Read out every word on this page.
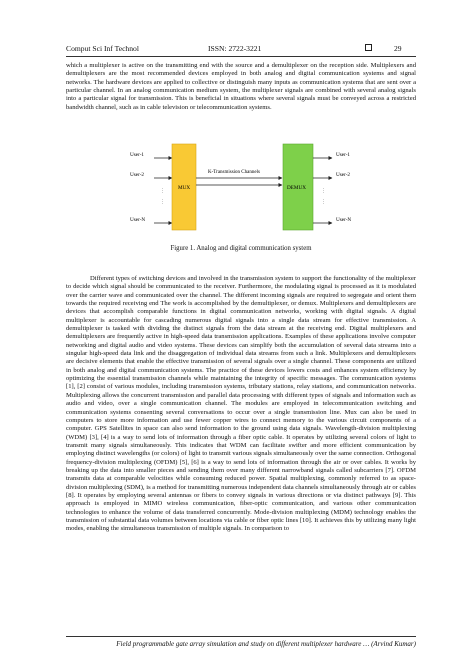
Comput Sci Inf Technol	ISSN: 2722-3221	29

which a multiplexer is active on the transmitting end with the source and a demultiplexer on the reception side. Multiplexers and demultiplexers are the most recommended devices employed in both analog and digital communication systems and signal networks. The hardware devices are applied to collective or distinguish many inputs as communication systems that are sent over a particular channel. In an analog communication medium system, the multiplexer signals are combined with several analog signals into a particular signal for transmission. This is beneficial in situations where several signals must be conveyed across a restricted bandwidth channel, such as in cable television or telecommunication systems.

User-1
User-2
User-N
⋮
⋮
MUX
K-Transmission Channels
DEMUX
User-1
User-2
User-N
⋮
⋮
Figure 1. Analog and digital communication system

Different types of switching devices and involved in the transmission system to support the functionality of the multiplexer to decide which signal should be communicated to the receiver. Furthermore, the modulating signal is processed as it is modulated over the carrier wave and communicated over the channel. The different incoming signals are required to segregate and orient them towards the required receiving end The work is accomplished by the demultiplexer, or demux. Multiplexers and demultiplexers are devices that accomplish comparable functions in digital communication networks, working with digital signals. A digital multiplexer is accountable for cascading numerous digital signals into a single data stream for effective transmission. A demultiplexer is tasked with dividing the distinct signals from the data stream at the receiving end. Digital multiplexers and demultiplexers are frequently active in high-speed data transmission applications. Examples of these applications involve computer networking and digital audio and video systems. These devices can simplify both the accumulation of several data streams into a singular high-speed data link and the disaggregation of individual data streams from such a link. Multiplexers and demultiplexers are decisive elements that enable the effective transmission of several signals over a single channel. These components are utilized in both analog and digital communication systems. The practice of these devices lowers costs and enhances system efficiency by optimizing the essential transmission channels while maintaining the integrity of specific messages. The communication systems [1], [2] consist of various modules, including transmission systems, tributary stations, relay stations, and communication networks. Multiplexing allows the concurrent transmission and parallel data processing with different types of signals and information such as audio and video, over a single communication channel. The modules are employed in telecommunication switching and communication systems consenting several conversations to occur over a single transmission line. Mux can also be used in computers to store more information and use fewer copper wires to connect memory to the various circuit components of a computer. GPS Satellites in space can also send information to the ground using data signals. Wavelength-division multiplexing (WDM) [3], [4] is a way to send lots of information through a fiber optic cable. It operates by utilizing several colors of light to transmit many signals simultaneously. This indicates that WDM can facilitate swifter and more efficient communication by employing distinct wavelengths (or colors) of light to transmit various signals simultaneously over the same connection. Orthogonal frequency-division multiplexing (OFDM) [5], [6] is a way to send lots of information through the air or over cables. It works by breaking up the data into smaller pieces and sending them over many different narrowband signals called subcarriers [7]. OFDM transmits data at comparable velocities while consuming reduced power. Spatial multiplexing, commonly referred to as space-division multiplexing (SDM), is a method for transmitting numerous independent data channels simultaneously through air or cables [8]. It operates by employing several antennas or fibers to convey signals in various directions or via distinct pathways [9]. This approach is employed in MIMO wireless communication, fiber-optic communication, and various other communication technologies to enhance the volume of data transferred concurrently. Mode-division multiplexing (MDM) technology enables the transmission of substantial data volumes between locations via cable or fiber optic lines [10]. It achieves this by utilizing many light modes, enabling the simultaneous transmission of multiple signals. In comparison to

Field programmable gate array simulation and study on different multiplexer hardware … (Arvind Kumar)
